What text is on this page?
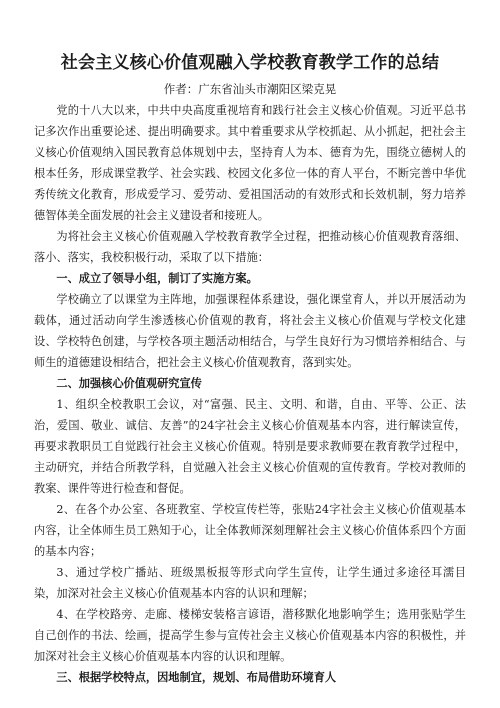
社会主义核心价值观融入学校教育教学工作的总结
作者：广东省汕头市潮阳区梁克晃

党的十八大以来，中共中央高度重视培育和践行社会主义核心价值观。习近平总书记多次作出重要论述、提出明确要求。其中着重要求从学校抓起、从小抓起，把社会主义核心价值观纳入国民教育总体规划中去，坚持育人为本、德育为先，围绕立德树人的根本任务，形成课堂教学、社会实践、校园文化多位一体的育人平台，不断完善中华优秀传统文化教育，形成爱学习、爱劳动、爱祖国活动的有效形式和长效机制，努力培养德智体美全面发展的社会主义建设者和接班人。

为将社会主义核心价值观融入学校教育教学全过程，把推动核心价值观教育落细、落小、落实，我校积极行动，采取了以下措施：

一、成立了领导小组，制订了实施方案。

学校确立了以课堂为主阵地，加强课程体系建设，强化课堂育人，并以开展活动为载体，通过活动向学生渗透核心价值观的教育，将社会主义核心价值观与学校文化建设、学校特色创建，与学校各项主题活动相结合，与学生良好行为习惯培养相结合、与师生的道德建设相结合，把社会主义核心价值观教育，落到实处。

二、加强核心价值观研究宣传

1、组织全校教职工会议，对“富强、民主、文明、和谐，自由、平等、公正、法治，爱国、敬业、诚信、友善”的24字社会主义核心价值观基本内容，进行解读宣传，再要求教职员工自觉践行社会主义核心价值观。特别是要求教师要在教育教学过程中，主动研究，并结合所教学科，自觉融入社会主义核心价值观的宣传教育。学校对教师的教案、课件等进行检查和督促。

2、在各个办公室、各班教室、学校宣传栏等，张贴24字社会主义核心价值观基本内容，让全体师生员工熟知于心，让全体教师深刻理解社会主义核心价值体系四个方面的基本内容；

3、通过学校广播站、班级黑板报等形式向学生宣传，让学生通过多途径耳濡目染，加深对社会主义核心价值观基本内容的认识和理解；

4、在学校路旁、走廊、楼梯安装格言谚语，潜移默化地影响学生；选用张贴学生自己创作的书法、绘画，提高学生参与宣传社会主义核心价值观基本内容的积极性，并加深对社会主义核心价值观基本内容的认识和理解。

三、根据学校特点，因地制宜，规划、布局借助环境育人
